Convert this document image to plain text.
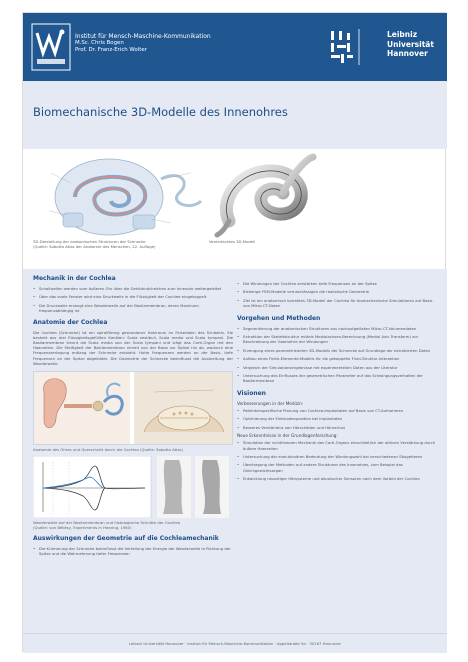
Institut für Mensch-Maschine-Kommunikation
M.Sc. Chris Bogen
Prof. Dr. Franz-Erich Wolter
Leibniz
Universität
Hannover
Biomechanische 3D-Modelle des Innenohres
3D-Darstellung der anatomischen Strukturen der Schnecke
(Quelle: Sobotta Atlas der Anatomie des Menschen, 22. Auflage)
Vereinfachtes 3D-Modell
Mechanik in der Cochlea
• Schallwellen werden vom äußeren Ohr über die Gehörknöchelchen zum Innenohr weitergeleitet
• Über das ovale Fenster wird eine Druckwelle in die Flüssigkeit der Cochlea eingekoppelt
• Die Druckwelle erzeugt eine Wanderwelle auf der Basilarmembran, deren Maximum frequenzabhängig ist
Anatomie der Cochlea

Die Cochlea (Schnecke) ist ein spiralförmig gewundener Hohlraum im Felsenbein des Schädels. Sie besteht aus drei flüssigkeitsgefüllten Kanälen: Scala vestibuli, Scala media und Scala tympani. Die Basilarmembran trennt die Scala media von der Scala tympani und trägt das Corti-Organ mit den Haarzellen. Die Steifigkeit der Basilarmembran nimmt von der Basis zur Spitze hin ab, wodurch eine Frequenzzerlegung entlang der Schnecke entsteht. Hohe Frequenzen werden an der Basis, tiefe Frequenzen an der Spitze abgebildet. Die Geometrie der Schnecke beeinflusst die Ausbreitung der Wanderwelle.

Anatomie des Ohres und Querschnitt durch die Cochlea (Quelle: Sobotta Atlas)
Wanderwelle auf der Basilarmembran und histologische Schnitte der Cochlea
(Quelle: von Békésy, Experiments in Hearing, 1960)
Auswirkungen der Geometrie auf die Cochleamechanik
• Die Krümmung der Schnecke beeinflusst die Verteilung der Energie der Wanderwelle in Richtung der Spitze und die Wahrnehmung tiefer Frequenzen
• Die Windungen der Cochlea verstärken tiefe Frequenzen an der Spitze
• Bisherige FEM-Modelle vernachlässigen die realistische Geometrie
• Ziel ist ein anatomisch korrektes 3D-Modell der Cochlea für biomechanische Simulationen auf Basis von Mikro-CT-Daten
Vorgehen und Methoden
• Segmentierung der anatomischen Strukturen aus hochaufgelösten Mikro-CT-Volumendaten
• Extraktion der Skelettstruktur mittels Medialachsen-Berechnung (Medial Axis Transform) zur Beschreibung der Geometrie der Windungen
• Erzeugung eines parametrisierten 3D-Modells der Schnecke auf Grundlage der extrahierten Daten
• Aufbau eines Finite-Elemente-Modells für die gekoppelte Fluid-Struktur-Interaktion
• Vergleich der Simulationsergebnisse mit experimentellen Daten aus der Literatur
• Untersuchung des Einflusses der geometrischen Parameter auf das Schwingungsverhalten der Basilarmembran
Visionen
Verbesserungen in der Medizin:
• Patientenspezifische Planung von Cochlea-Implantaten auf Basis von CT-Aufnahmen
• Optimierung der Elektrodenposition bei Implantaten
• Besseres Verständnis von Hörschäden und Hörverlust
Neue Erkenntnisse in der Grundlagenforschung:
• Simulation der nichtlinearen Mechanik des Corti-Organs einschließlich der aktiven Verstärkung durch äußere Haarzellen
• Untersuchung der evolutionären Bedeutung der Windungszahl bei verschiedenen Säugetieren
• Übertragung der Methoden auf andere Strukturen des Innenohres, zum Beispiel das Gleichgewichtsorgan
• Entwicklung neuartiger Hörsysteme und akustischer Sensoren nach dem Vorbild der Cochlea
Leibniz Universität Hannover · Institut für Mensch-Maschine-Kommunikation · Appelstraße 9a · 30167 Hannover
